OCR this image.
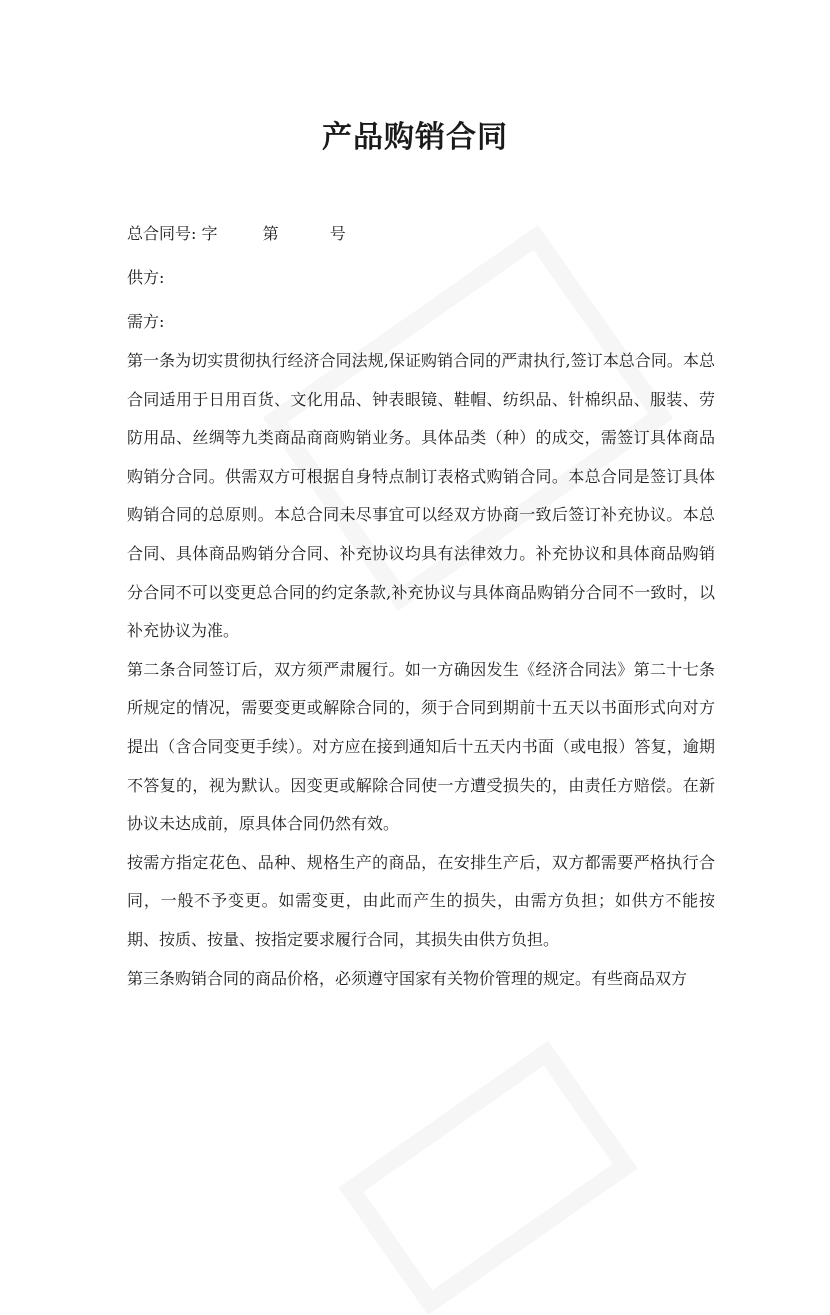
产品购销合同
总合同号: 字	第	号
供方:
需方:

第一条为切实贯彻执行经济合同法规,保证购销合同的严肃执行,签订本总合同。本总合同适用于日用百货、文化用品、钟表眼镜、鞋帽、纺织品、针棉织品、服装、劳防用品、丝绸等九类商品商商购销业务。具体品类（种）的成交，需签订具体商品购销分合同。供需双方可根据自身特点制订表格式购销合同。本总合同是签订具体购销合同的总原则。本总合同未尽事宜可以经双方协商一致后签订补充协议。本总合同、具体商品购销分合同、补充协议均具有法律效力。补充协议和具体商品购销分合同不可以变更总合同的约定条款,补充协议与具体商品购销分合同不一致时，以补充协议为准。

第二条合同签订后，双方须严肃履行。如一方确因发生《经济合同法》第二十七条所规定的情况，需要变更或解除合同的，须于合同到期前十五天以书面形式向对方提出（含合同变更手续）。对方应在接到通知后十五天内书面（或电报）答复，逾期不答复的，视为默认。因变更或解除合同使一方遭受损失的，由责任方赔偿。在新协议未达成前，原具体合同仍然有效。

按需方指定花色、品种、规格生产的商品，在安排生产后，双方都需要严格执行合同，一般不予变更。如需变更，由此而产生的损失，由需方负担；如供方不能按期、按质、按量、按指定要求履行合同，其损失由供方负担。

第三条购销合同的商品价格，必须遵守国家有关物价管理的规定。有些商品双方
